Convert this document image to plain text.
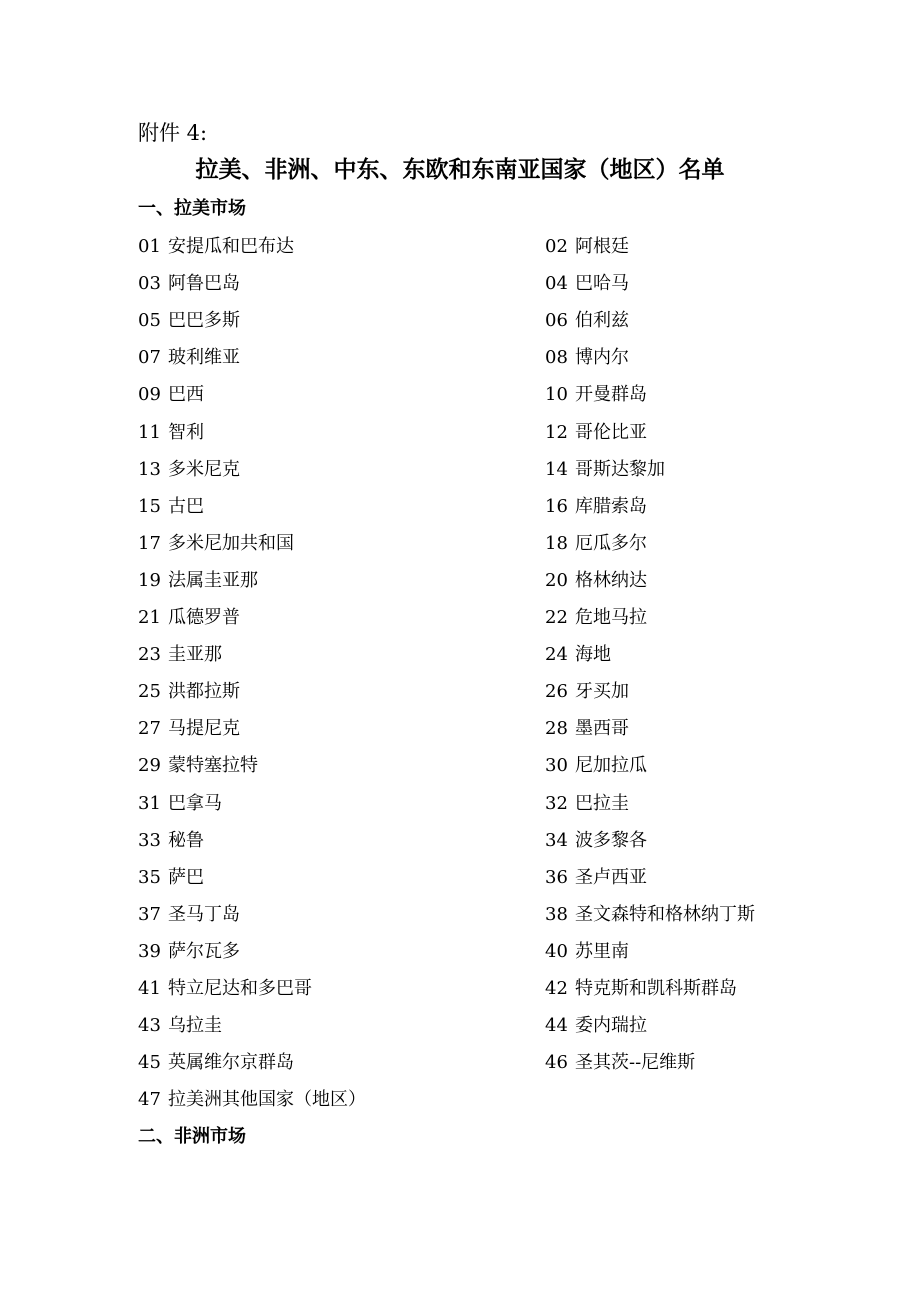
附件 4:
拉美、非洲、中东、东欧和东南亚国家（地区）名单
一、拉美市场
01 安提瓜和巴布达	02 阿根廷
03 阿鲁巴岛	04 巴哈马
05 巴巴多斯	06 伯利兹
07 玻利维亚	08 博内尔
09 巴西	10 开曼群岛
11 智利	12 哥伦比亚
13 多米尼克	14 哥斯达黎加
15 古巴	16 库腊索岛
17 多米尼加共和国	18 厄瓜多尔
19 法属圭亚那	20 格林纳达
21 瓜德罗普	22 危地马拉
23 圭亚那	24 海地
25 洪都拉斯	26 牙买加
27 马提尼克	28 墨西哥
29 蒙特塞拉特	30 尼加拉瓜
31 巴拿马	32 巴拉圭
33 秘鲁	34 波多黎各
35 萨巴	36 圣卢西亚
37 圣马丁岛	38 圣文森特和格林纳丁斯
39 萨尔瓦多	40 苏里南
41 特立尼达和多巴哥	42 特克斯和凯科斯群岛
43 乌拉圭	44 委内瑞拉
45 英属维尔京群岛	46 圣其茨--尼维斯
47 拉美洲其他国家（地区）
二、非洲市场
